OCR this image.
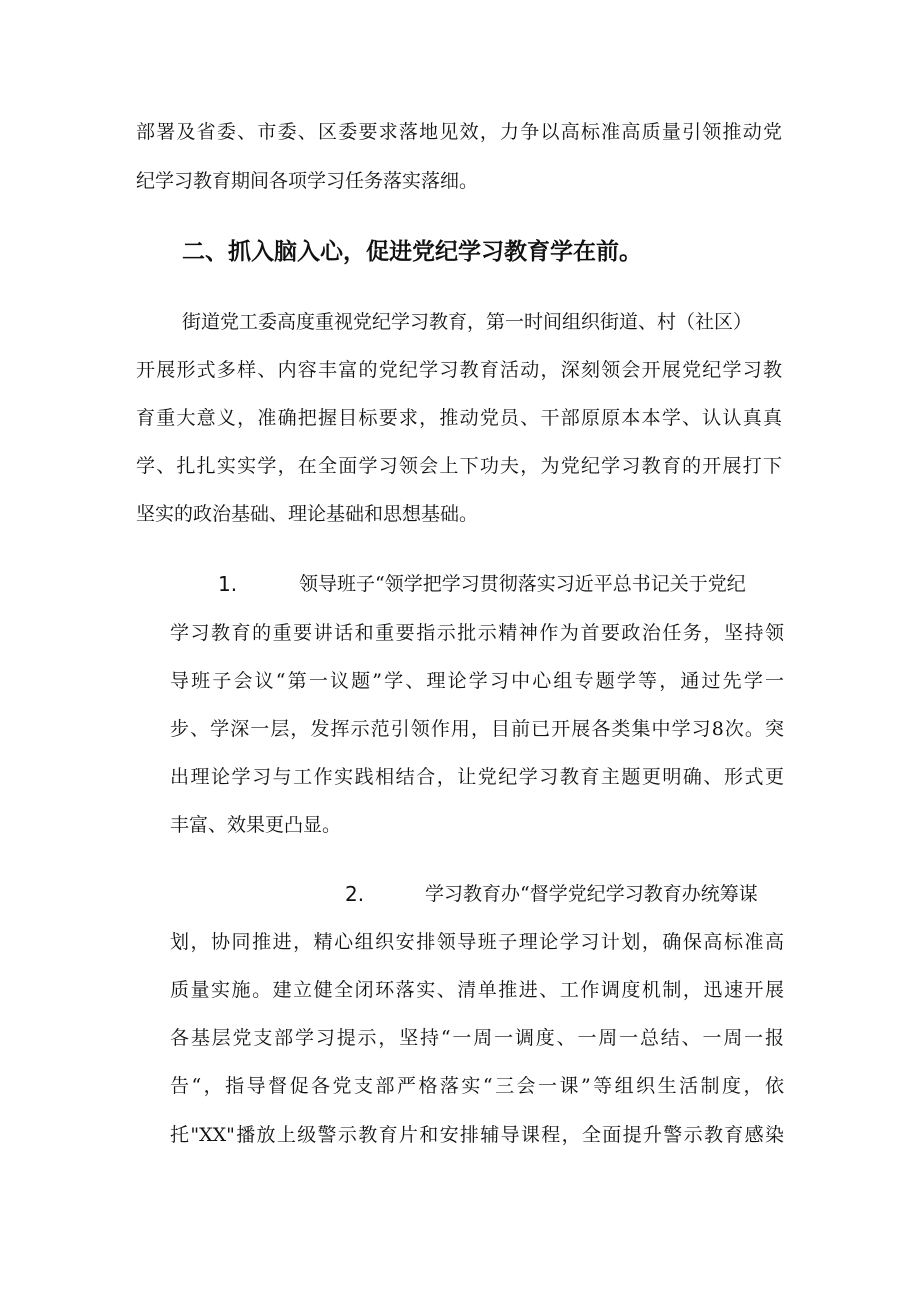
部署及省委、市委、区委要求落地见效，力争以高标准高质量引领推动党
纪学习教育期间各项学习任务落实落细。
二、抓入脑入心，促进党纪学习教育学在前。
街道党工委高度重视党纪学习教育，第一时间组织街道、村（社区）
开展形式多样、内容丰富的党纪学习教育活动，深刻领会开展党纪学习教
育重大意义，准确把握目标要求，推动党员、干部原原本本学、认认真真
学、扎扎实实学，在全面学习领会上下功夫，为党纪学习教育的开展打下
坚实的政治基础、理论基础和思想基础。
1.	领导班子“领学把学习贯彻落实习近平总书记关于党纪
学习教育的重要讲话和重要指示批示精神作为首要政治任务，坚持领
导班子会议“第一议题”学、理论学习中心组专题学等，通过先学一
步、学深一层，发挥示范引领作用，目前已开展各类集中学习8次。突
出理论学习与工作实践相结合，让党纪学习教育主题更明确、形式更
丰富、效果更凸显。
2.	学习教育办“督学党纪学习教育办统筹谋
划，协同推进，精心组织安排领导班子理论学习计划，确保高标准高
质量实施。建立健全闭环落实、清单推进、工作调度机制，迅速开展
各基层党支部学习提示，坚持“一周一调度、一周一总结、一周一报
告“，指导督促各党支部严格落实“三会一课”等组织生活制度，依
托"XX"播放上级警示教育片和安排辅导课程，全面提升警示教育感染
